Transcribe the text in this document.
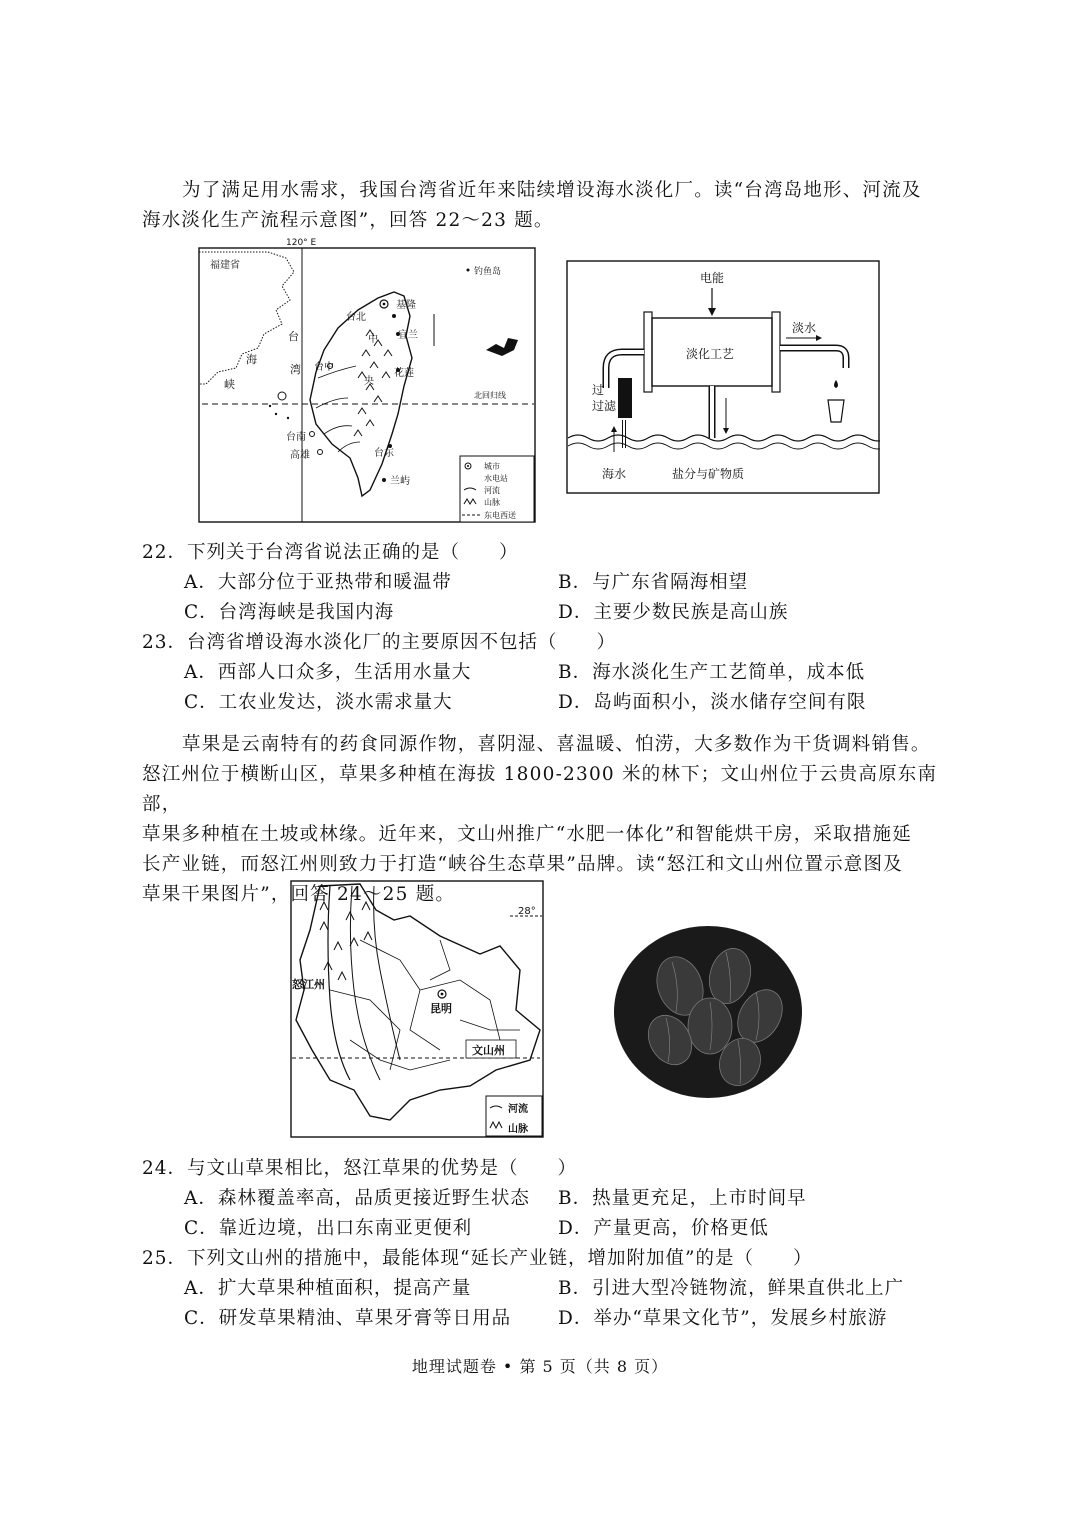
为了满足用水需求，我国台湾省近年来陆续增设海水淡化厂。读“台湾岛地形、河流及
海水淡化生产流程示意图”，回答 22～23 题。
120° E
福建省
台
湾
海
峡
北回归线
基隆
台北
宜兰
台中
花莲
台南
高雄	台东
兰屿
中
央
钓鱼岛
城市
水电站
河流
山脉
东电西送
电能
淡化工艺
淡水
过
过滤
海水	盐分与矿物质
22．下列关于台湾省说法正确的是（　　）
A．大部分位于亚热带和暖温带	B．与广东省隔海相望
C．台湾海峡是我国内海	D．主要少数民族是高山族
23．台湾省增设海水淡化厂的主要原因不包括（　　）
A．西部人口众多，生活用水量大	B．海水淡化生产工艺简单，成本低
C．工农业发达，淡水需求量大	D．岛屿面积小，淡水储存空间有限
草果是云南特有的药食同源作物，喜阴湿、喜温暖、怕涝，大多数作为干货调料销售。
怒江州位于横断山区，草果多种植在海拔 1800-2300 米的林下；文山州位于云贵高原东南部，
草果多种植在土坡或林缘。近年来，文山州推广“水肥一体化”和智能烘干房，采取措施延
长产业链，而怒江州则致力于打造“峡谷生态草果”品牌。读“怒江和文山州位置示意图及
草果干果图片”，回答 24～25 题。
28°
怒江州
昆明
文山州
河流
山脉
24．与文山草果相比，怒江草果的优势是（　　）
A．森林覆盖率高，品质更接近野生状态 B．热量更充足，上市时间早
C．靠近边境，出口东南亚更便利	D．产量更高，价格更低
25．下列文山州的措施中，最能体现“延长产业链，增加附加值”的是（　　）
A．扩大草果种植面积，提高产量	B．引进大型冷链物流，鲜果直供北上广
C．研发草果精油、草果牙膏等日用品	D．举办“草果文化节”，发展乡村旅游
地理试题卷 • 第 5 页（共 8 页）
